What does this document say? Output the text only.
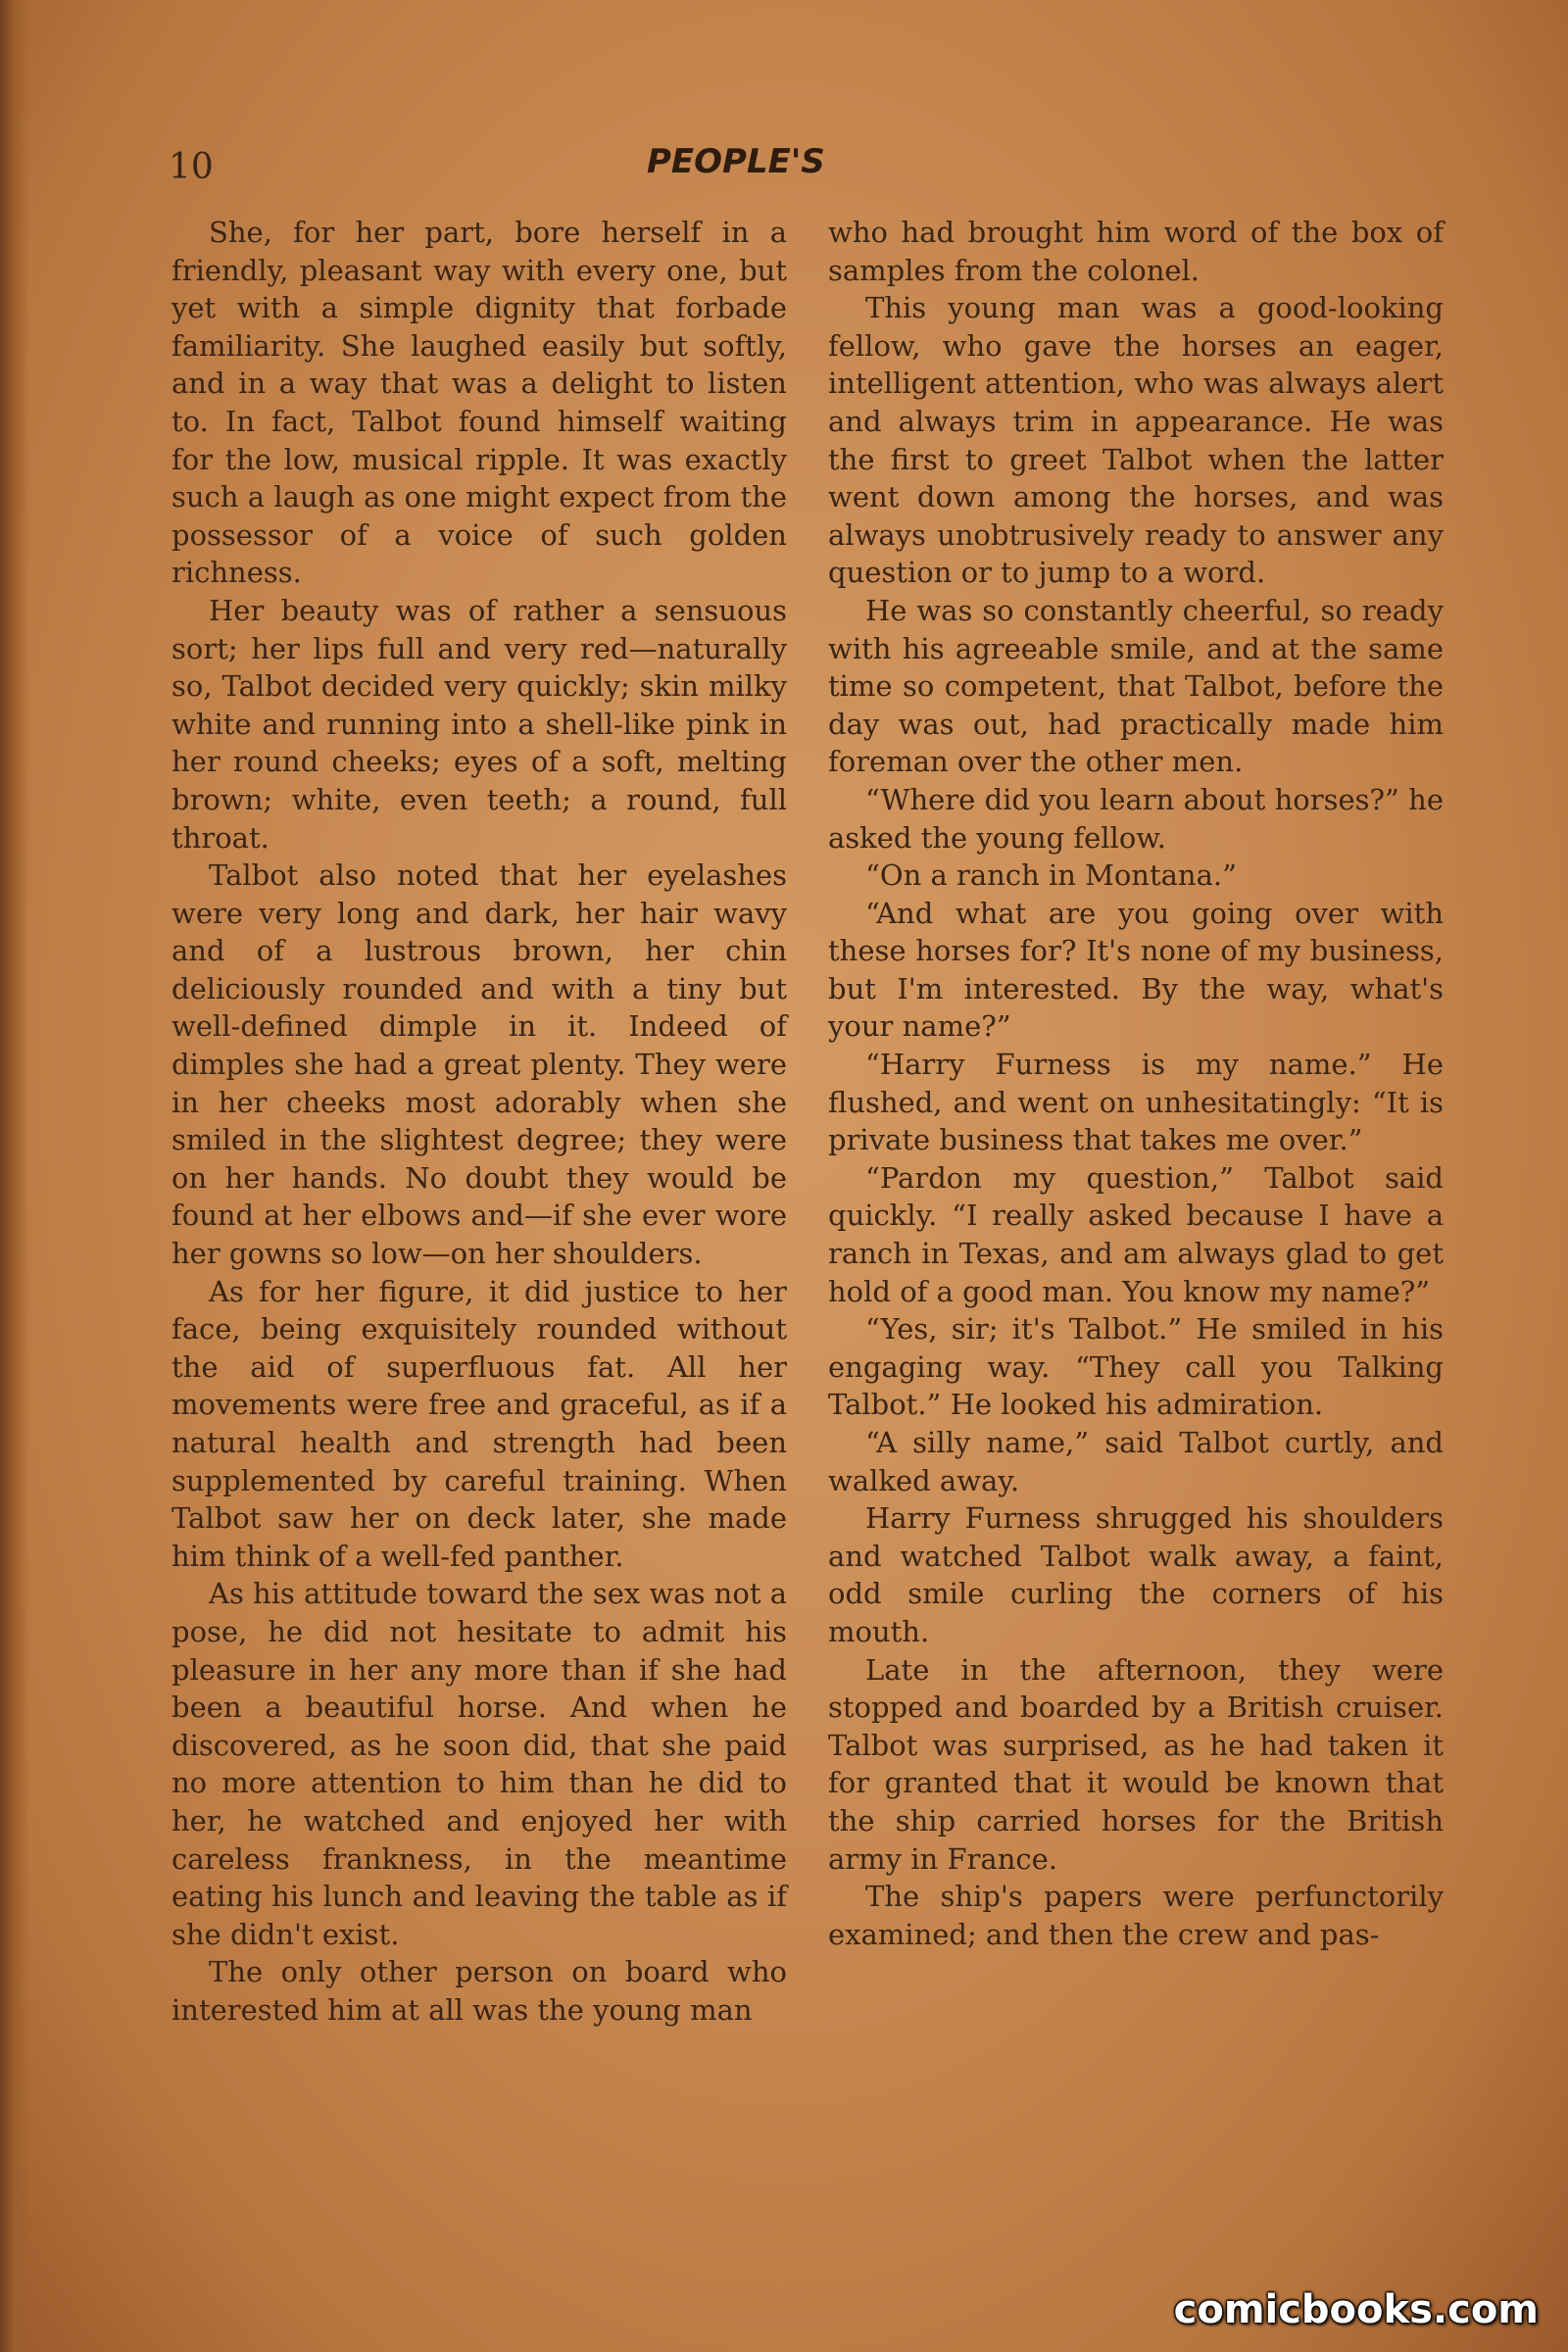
10	PEOPLE'S

She, for her part, bore herself in a friendly, pleasant way with every one, but yet with a simple dignity that forbade familiarity. She laughed easily but softly, and in a way that was a delight to listen to. In fact, Talbot found himself waiting for the low, musical ripple. It was exactly such a laugh as one might expect from the possessor of a voice of such golden richness.

Her beauty was of rather a sensuous sort; her lips full and very red—naturally so, Talbot decided very quickly; skin milky white and running into a shell-like pink in her round cheeks; eyes of a soft, melting brown; white, even teeth; a round, full throat.

Talbot also noted that her eyelashes were very long and dark, her hair wavy and of a lustrous brown, her chin deliciously rounded and with a tiny but well-defined dimple in it. Indeed of dimples she had a great plenty. They were in her cheeks most adorably when she smiled in the slightest degree; they were on her hands. No doubt they would be found at her elbows and—if she ever wore her gowns so low—on her shoulders.

As for her figure, it did justice to her face, being exquisitely rounded without the aid of superfluous fat. All her movements were free and graceful, as if a natural health and strength had been supplemented by careful training. When Talbot saw her on deck later, she made him think of a well-fed panther.

As his attitude toward the sex was not a pose, he did not hesitate to admit his pleasure in her any more than if she had been a beautiful horse. And when he discovered, as he soon did, that she paid no more attention to him than he did to her, he watched and enjoyed her with careless frankness, in the meantime eating his lunch and leaving the table as if she didn't exist.

The only other person on board who interested him at all was the young man

who had brought him word of the box of samples from the colonel.

This young man was a good-looking fellow, who gave the horses an eager, intelligent attention, who was always alert and always trim in appearance. He was the first to greet Talbot when the latter went down among the horses, and was always unobtrusively ready to answer any question or to jump to a word.

He was so constantly cheerful, so ready with his agreeable smile, and at the same time so competent, that Talbot, before the day was out, had practically made him foreman over the other men.

“Where did you learn about horses?” he asked the young fellow.

“On a ranch in Montana.”

“And what are you going over with these horses for? It's none of my business, but I'm interested. By the way, what's your name?”

“Harry Furness is my name.” He flushed, and went on unhesitatingly: “It is private business that takes me over.”

“Pardon my question,” Talbot said quickly. “I really asked because I have a ranch in Texas, and am always glad to get hold of a good man. You know my name?”

“Yes, sir; it's Talbot.” He smiled in his engaging way. “They call you Talking Talbot.” He looked his admiration.

“A silly name,” said Talbot curtly, and walked away.

Harry Furness shrugged his shoulders and watched Talbot walk away, a faint, odd smile curling the corners of his mouth.

Late in the afternoon, they were stopped and boarded by a British cruiser. Talbot was surprised, as he had taken it for granted that it would be known that the ship carried horses for the British army in France.

The ship's papers were perfunctorily examined; and then the crew and pas-

comicbooks.com
